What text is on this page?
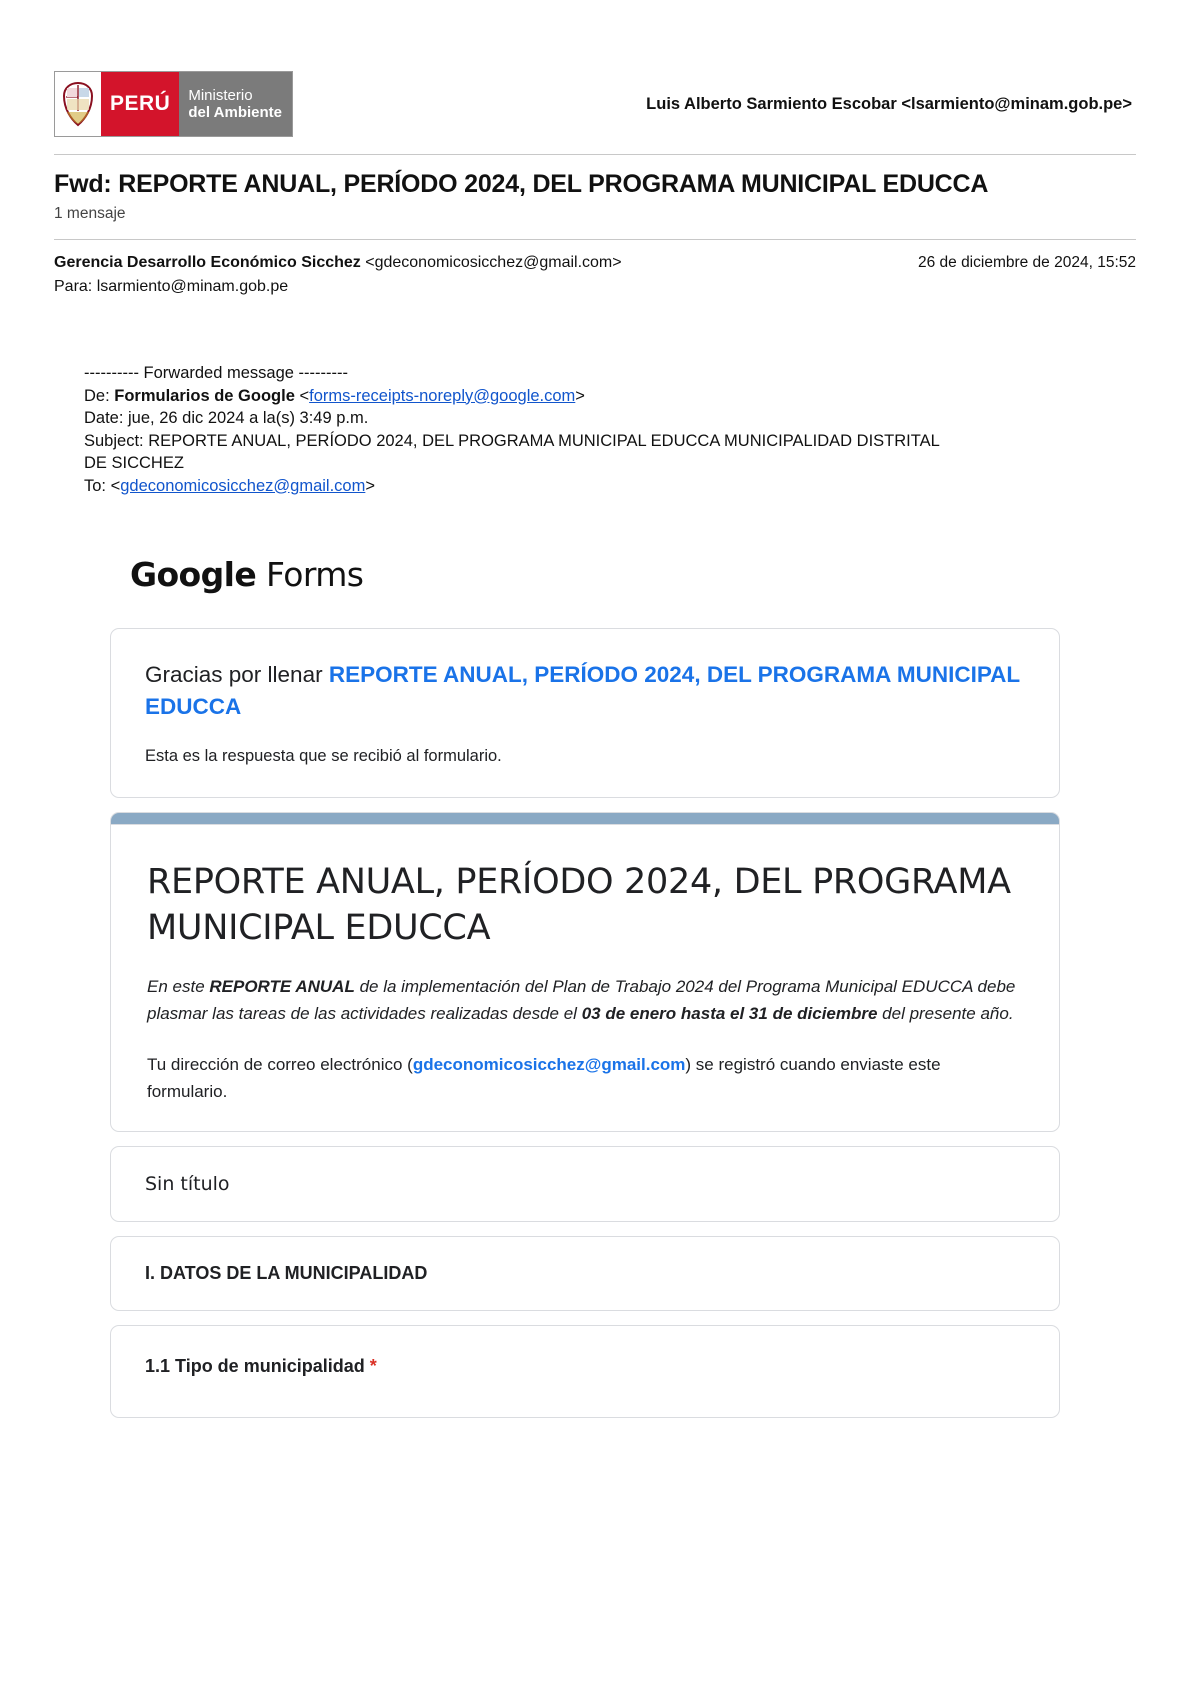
PERÚ	Ministerio
del Ambiente	Luis Alberto Sarmiento Escobar <lsarmiento@minam.gob.pe>
Fwd: REPORTE ANUAL, PERÍODO 2024, DEL PROGRAMA MUNICIPAL EDUCCA
1 mensaje
Gerencia Desarrollo Económico Sicchez <gdeconomicosicchez@gmail.com>	26 de diciembre de 2024, 15:52
Para: lsarmiento@minam.gob.pe
---------- Forwarded message ---------
De: Formularios de Google <forms-receipts-noreply@google.com>
Date: jue, 26 dic 2024 a la(s) 3:49 p.m.
Subject: REPORTE ANUAL, PERÍODO 2024, DEL PROGRAMA MUNICIPAL EDUCCA MUNICIPALIDAD DISTRITAL
DE SICCHEZ
To: <gdeconomicosicchez@gmail.com>
Google Forms
Gracias por llenar REPORTE ANUAL, PERÍODO 2024, DEL PROGRAMA MUNICIPAL EDUCCA
Esta es la respuesta que se recibió al formulario.
REPORTE ANUAL, PERÍODO 2024, DEL PROGRAMA MUNICIPAL EDUCCA
En este REPORTE ANUAL de la implementación del Plan de Trabajo 2024 del Programa Municipal EDUCCA debe plasmar las tareas de las actividades realizadas desde el 03 de enero hasta el 31 de diciembre del presente año.
Tu dirección de correo electrónico (gdeconomicosicchez@gmail.com) se registró cuando enviaste este formulario.
Sin título
I. DATOS DE LA MUNICIPALIDAD
1.1 Tipo de municipalidad *
